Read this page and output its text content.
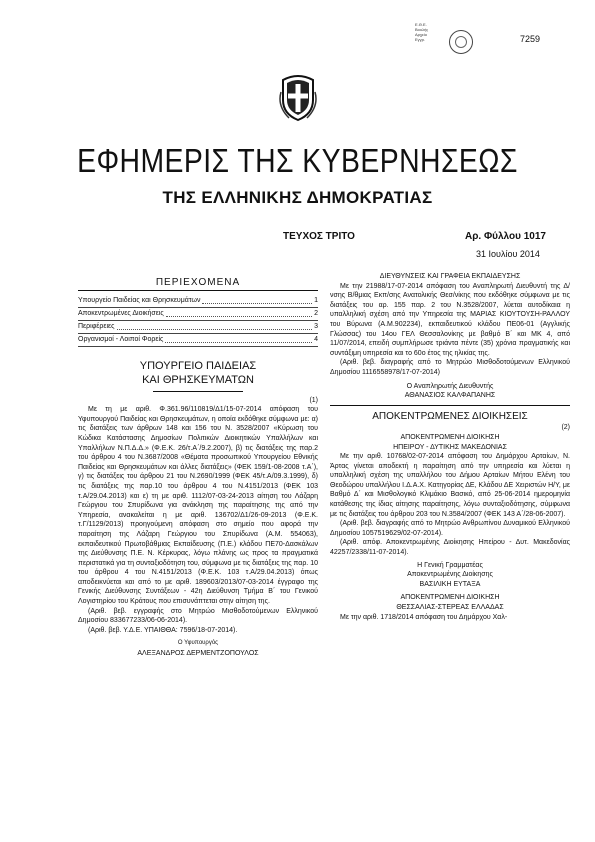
Ε.Θ.Ε.
Βουλής
Αρχείο
Εγγρ.	7259
ΕΦΗΜΕΡΙΣ ΤΗΣ ΚΥΒΕΡΝΗΣΕΩΣ
ΤΗΣ ΕΛΛΗΝΙΚΗΣ ΔΗΜΟΚΡΑΤΙΑΣ
ΤΕΥΧΟΣ ΤΡΙΤΟ	Αρ. Φύλλου 1017
31 Ιουλίου 2014
ΠΕΡΙΕΧΟΜΕΝΑ
Υπουργείο Παιδείας και Θρησκευμάτων	1
Αποκεντρωμένες Διοικήσεις	2
Περιφέρειες	3
Οργανισμοί - Λοιποί Φορείς	4
ΥΠΟΥΡΓΕΙΟ ΠΑΙΔΕΙΑΣ
ΚΑΙ ΘΡΗΣΚΕΥΜΑΤΩΝ
(1)
Με τη με αριθ. Φ.361.96/110819/Δ1/15-07-2014 απόφαση του Υφυπουργού Παιδείας και Θρησκευμάτων, η οποία εκδόθηκε σύμφωνα με: α) τις διατάξεις των άρθρων 148 και 156 του Ν. 3528/2007 «Κύρωση του Κώδικα Κατάστασης Δημοσίων Πολιτικών Διοικητικών Υπαλλήλων και Υπαλλήλων Ν.Π.Δ.Δ.» (Φ.Ε.Κ. 26/τ.Α΄/9.2.2007), β) τις διατάξεις της παρ.2 του άρθρου 4 του Ν.3687/2008 «Θέματα προσωπικού Υπουργείου Εθνικής Παιδείας και Θρησκευμάτων και άλλες διατάξεις» (ΦΕΚ 159/1-08-2008 τ.Α΄), γ) τις διατάξεις του άρθρου 21 του Ν.2690/1999 (ΦΕΚ 45/τ.Α/09.3.1999), δ) τις διατάξεις της παρ.10 του άρθρου 4 του Ν.4151/2013 (ΦΕΚ 103 τ.Α/29.04.2013) και ε) τη με αριθ. 1112/07-03-24-2013 αίτηση του Λάζαρη Γεώργιου του Σπυρίδωνα για ανάκληση της παραίτησης της από την Υπηρεσία, ανακαλείται η με αριθ. 136702/Δ1/26-09-2013 (Φ.Ε.Κ. τ.Γ/1129/2013) προηγούμενη απόφαση στο σημείο που αφορά την παραίτηση της Λάζαρη Γεώργιου του Σπυρίδωνα (Α.Μ. 554063), εκπαιδευτικού Πρωτοβάθμιας Εκπαίδευσης (Π.Ε.) κλάδου ΠΕ70-Δασκάλων της Διεύθυνσης Π.Ε. Ν. Κέρκυρας, λόγω πλάνης ως προς τα πραγματικά περιστατικά για τη συνταξιοδότηση του, σύμφωνα με τις διατάξεις της παρ. 10 του άρθρου 4 του Ν.4151/2013 (Φ.Ε.Κ. 103 τ.Α/29.04.2013) όπως αποδεικνύεται και από το με αριθ. 189603/2013/07-03-2014 έγγραφο της Γενικής Διεύθυνσης Συντάξεων - 42η Διεύθυνση Τμήμα Β΄ του Γενικού Λογιστηρίου του Κράτους που επισυνάπτεται στην αίτηση της.
(Αριθ. βεβ. εγγραφής στο Μητρώο Μισθοδοτούμενων Ελληνικού Δημοσίου 833677233/06-06-2014).
(Αριθ. βεβ. Υ.Δ.Ε. ΥΠΑΙΘΘΑ: 7596/18-07-2014).
Ο Υφυπουργός
ΑΛΕΞΑΝΔΡΟΣ ΔΕΡΜΕΝΤΖΟΠΟΥΛΟΣ
ΔΙΕΥΘΥΝΣΕΙΣ ΚΑΙ ΓΡΑΦΕΙΑ ΕΚΠΑΙΔΕΥΣΗΣ
Με την 21988/17-07-2014 απόφαση του Αναπληρωτή Διευθυντή της Δ/νσης Β/θμιας Εκπ/σης Ανατολικής Θεσ/νίκης που εκδόθηκε σύμφωνα με τις διατάξεις του αρ. 155 παρ. 2 του Ν.3528/2007, λύεται αυτοδίκαια η υπαλληλική σχέση από την Υπηρεσία της ΜΑΡΙΑΣ ΚΙΟΥΤΟΥΣΗ-ΡΑΛΛΟΥ του Βύρωνα (Α.Μ.902234), εκπαιδευτικού κλάδου ΠΕ06-01 (Αγγλικής Γλώσσας) του 14ου ΓΕΛ Θεσσαλονίκης με βαθμό Β΄ και ΜΚ 4, από 11/07/2014, επειδή συμπλήρωσε τριάντα πέντε (35) χρόνια πραγματικής και συντάξιμη υπηρεσία και το 60ο έτος της ηλικίας της.
(Αριθ. βεβ. διαγραφής από το Μητρώο Μισθοδοτούμενων Ελληνικού Δημοσίου 1116558978/17-07-2014)
Ο Αναπληρωτής Διευθυντής
ΑΘΑΝΑΣΙΟΣ ΚΑΛΦΑΠΑΝΗΣ
ΑΠΟΚΕΝΤΡΩΜΕΝΕΣ ΔΙΟΙΚΗΣΕΙΣ
(2)
ΑΠΟΚΕΝΤΡΩΜΕΝΗ ΔΙΟΙΚΗΣΗ
ΗΠΕΙΡΟΥ - ΔΥΤΙΚΗΣ ΜΑΚΕΔΟΝΙΑΣ
Με την αριθ. 10768/02-07-2014 απόφαση του Δημάρχου Αρταίων, Ν. Άρτας γίνεται αποδεκτή η παραίτηση από την υπηρεσία και λύεται η υπαλληλική σχέση της υπαλλήλου του Δήμου Αρταίων Μήτου Ελένη του Θεοδώρου υπαλλήλου Ι.Δ.Α.Χ. Κατηγορίας ΔΕ, Κλάδου ΔΕ Χειριστών Η/Υ, με Βαθμό Δ΄ και Μισθολογικό Κλιμάκιο Βασικό, από 25-06-2014 ημερομηνία κατάθεσης της ίδιας αίτησης παραίτησης, λόγω συνταξιοδότησης, σύμφωνα με τις διατάξεις του άρθρου 203 του Ν.3584/2007 (ΦΕΚ 143 Α΄/28-06-2007).
(Αριθ. βεβ. διαγραφής από το Μητρώο Ανθρωπίνου Δυναμικού Ελληνικού Δημοσίου 1057519629/02-07-2014).
(Αριθ. απόφ. Αποκεντρωμένης Διοίκησης Ηπείρου - Δυτ. Μακεδονίας 42257/2338/11-07-2014).
Η Γενική Γραμματέας
Αποκεντρωμένης Διοίκησης
ΒΑΣΙΛΙΚΗ ΕΥΤΑΞΑ
ΑΠΟΚΕΝΤΡΩΜΕΝΗ ΔΙΟΙΚΗΣΗ
ΘΕΣΣΑΛΙΑΣ-ΣΤΕΡΕΑΣ ΕΛΛΑΔΑΣ
Με την αριθ. 1718/2014 απόφαση του Δημάρχου Χαλ-
